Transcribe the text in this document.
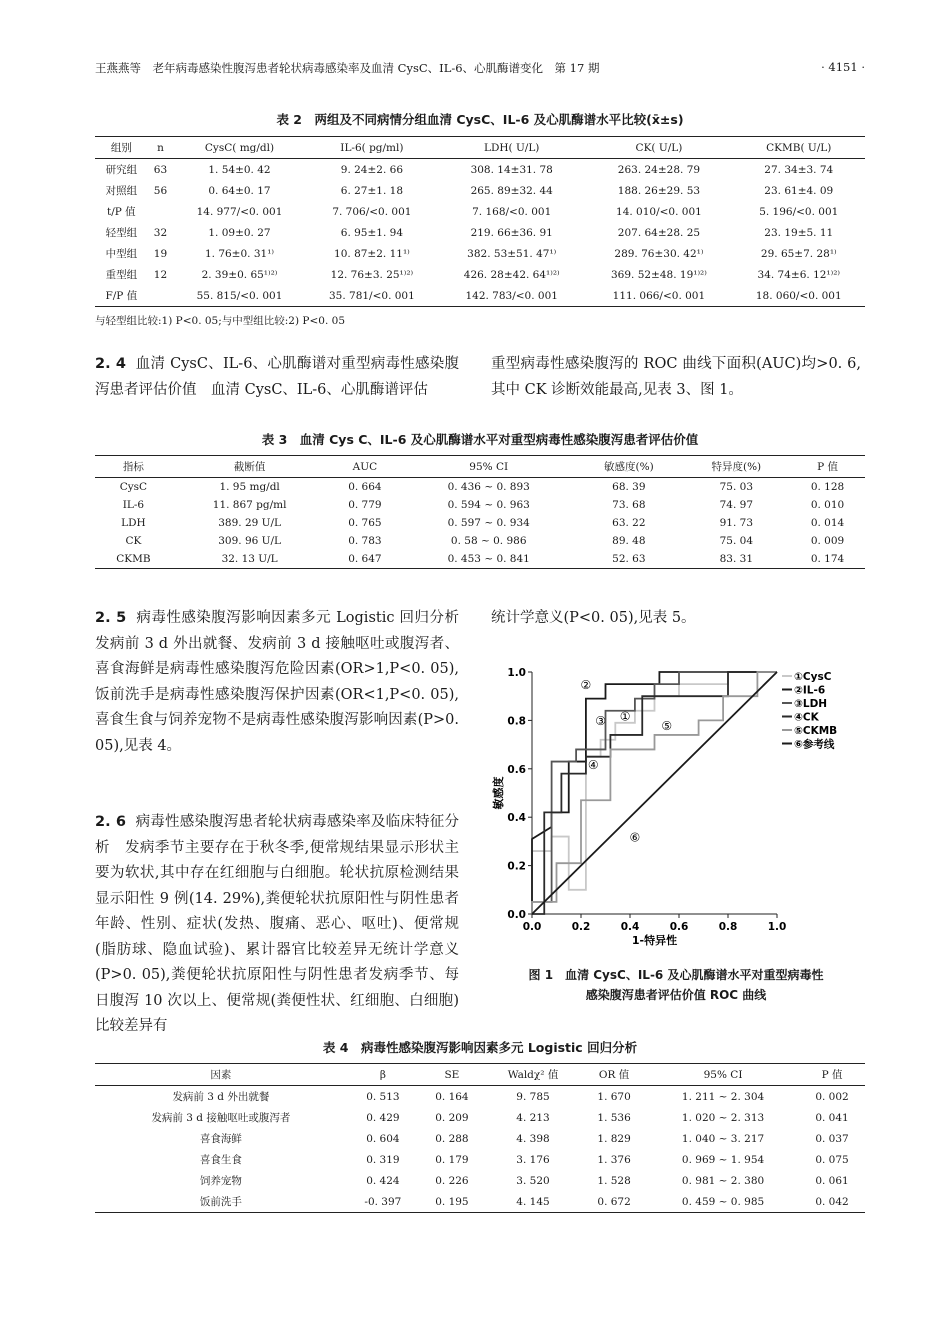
王燕燕等　老年病毒感染性腹泻患者轮状病毒感染率及血清 CysC、IL-6、心肌酶谱变化　第 17 期	· 4151 ·
表 2　两组及不同病情分组血清 CysC、IL-6 及心肌酶谱水平比较(x̄±s)
组别	n	CysC( mg/dl)	IL-6( pg/ml)	LDH( U/L)	CK( U/L)	CKMB( U/L)
研究组	63	1. 54±0. 42	9. 24±2. 66	308. 14±31. 78	263. 24±28. 79	27. 34±3. 74
对照组	56	0. 64±0. 17	6. 27±1. 18	265. 89±32. 44	188. 26±29. 53	23. 61±4. 09
t/P 值		14. 977/<0. 001	7. 706/<0. 001	7. 168/<0. 001	14. 010/<0. 001	5. 196/<0. 001
轻型组	32	1. 09±0. 27	6. 95±1. 94	219. 66±36. 91	207. 64±28. 25	23. 19±5. 11
中型组	19	1. 76±0. 31¹⁾	10. 87±2. 11¹⁾	382. 53±51. 47¹⁾	289. 76±30. 42¹⁾	29. 65±7. 28¹⁾
重型组	12	2. 39±0. 65¹⁾²⁾	12. 76±3. 25¹⁾²⁾	426. 28±42. 64¹⁾²⁾	369. 52±48. 19¹⁾²⁾	34. 74±6. 12¹⁾²⁾
F/P 值		55. 815/<0. 001	35. 781/<0. 001	142. 783/<0. 001	111. 066/<0. 001	18. 060/<0. 001
与轻型组比较:1) P<0. 05;与中型组比较:2) P<0. 05
2. 4 血清 CysC、IL-6、心肌酶谱对重型病毒性感染腹泻患者评估价值　血清 CysC、IL-6、心肌酶谱评估
重型病毒性感染腹泻的 ROC 曲线下面积(AUC)均>0. 6,其中 CK 诊断效能最高,见表 3、图 1。
表 3　血清 Cys C、IL-6 及心肌酶谱水平对重型病毒性感染腹泻患者评估价值
指标	截断值	AUC	95% CI	敏感度(%)	特异度(%)	P 值
CysC	1. 95 mg/dl	0. 664	0. 436 ~ 0. 893	68. 39	75. 03	0. 128
IL-6	11. 867 pg/ml	0. 779	0. 594 ~ 0. 963	73. 68	74. 97	0. 010
LDH	389. 29 U/L	0. 765	0. 597 ~ 0. 934	63. 22	91. 73	0. 014
CK	309. 96 U/L	0. 783	0. 58 ~ 0. 986	89. 48	75. 04	0. 009
CKMB	32. 13 U/L	0. 647	0. 453 ~ 0. 841	52. 63	83. 31	0. 174
2. 5 病毒性感染腹泻影响因素多元 Logistic 回归分析　发病前 3 d 外出就餐、发病前 3 d 接触呕吐或腹泻者、喜食海鲜是病毒性感染腹泻危险因素(OR>1,P<0. 05),饭前洗手是病毒性感染腹泻保护因素(OR<1,P<0. 05),喜食生食与饲养宠物不是病毒性感染腹泻影响因素(P>0. 05),见表 4。
2. 6 病毒性感染腹泻患者轮状病毒感染率及临床特征分析　发病季节主要存在于秋冬季,便常规结果显示形状主要为软状,其中存在红细胞与白细胞。轮状抗原检测结果显示阳性 9 例(14. 29%),粪便轮状抗原阳性与阴性患者年龄、性别、症状(发热、腹痛、恶心、呕吐)、便常规(脂肪球、隐血试验)、累计器官比较差异无统计学意义(P>0. 05),粪便轮状抗原阳性与阴性患者发病季节、每日腹泻 10 次以上、便常规(粪便性状、红细胞、白细胞)比较差异有
统计学意义(P<0. 05),见表 5。
0.0	0.2	0.4	0.6	0.8	1.0
0.0
0.2
0.4
0.6
0.8
1.0
1-特异性
敏感度
①
①CysC
②	②IL-6
③
③LDH
④
④CK
⑤	⑤CKMB
⑥
⑥参考线
图 1　血清 CysC、IL-6 及心肌酶谱水平对重型病毒性
感染腹泻患者评估价值 ROC 曲线
表 4　病毒性感染腹泻影响因素多元 Logistic 回归分析
因素	β	SE	Waldχ² 值	OR 值	95% CI	P 值
发病前 3 d 外出就餐	0. 513	0. 164	9. 785	1. 670	1. 211 ~ 2. 304	0. 002
发病前 3 d 接触呕吐或腹泻者	0. 429	0. 209	4. 213	1. 536	1. 020 ~ 2. 313	0. 041
喜食海鲜	0. 604	0. 288	4. 398	1. 829	1. 040 ~ 3. 217	0. 037
喜食生食	0. 319	0. 179	3. 176	1. 376	0. 969 ~ 1. 954	0. 075
饲养宠物	0. 424	0. 226	3. 520	1. 528	0. 981 ~ 2. 380	0. 061
饭前洗手	-0. 397	0. 195	4. 145	0. 672	0. 459 ~ 0. 985	0. 042
